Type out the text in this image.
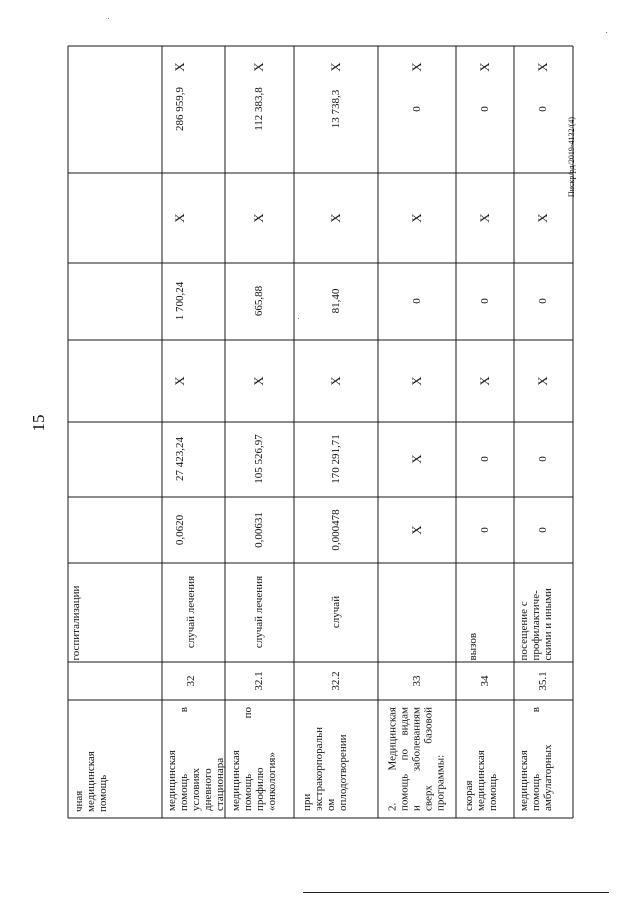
15
Пискр/рд/2019-4132/(4)
чная медицинская помощь
госпитализации
медицинская помощь в условиях дневного стационара
32
случай лечения
0,0620
27 423,24
Х
1 700,24
Х
286 959,9
Х
медицинская помощь по профилю «онкология»
32.1
случай лечения
0,00631
105 526,97
Х
665,88
Х
112 383,8
Х
при экстракорпоральн ом оплодотворении
32.2
случай
0,000478
170 291,71
Х
81,40
Х
13 738,3
Х
2. Медицинская помощь по видам и заболеваниям сверх базовой программы:
33
Х
Х
Х
0
Х
0
Х
скорая медицинская помощь
34
вызов
0
0
Х
0
Х
0
Х
медицинская помощь в амбулаторных
35.1
посещение с профилактиче- скими и иными
0
0
Х
0
Х
0
Х
